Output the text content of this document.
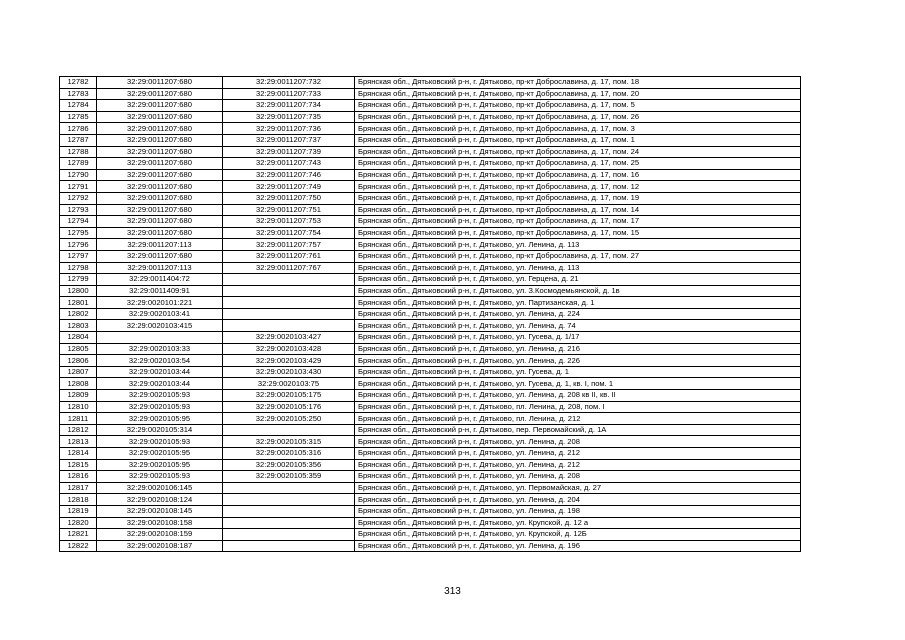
12782	32:29:0011207:680	32:29:0011207:732	Брянская обл., Дятьковский р-н, г. Дятьково, пр-кт Доброславина, д. 17, пом. 18
12783	32:29:0011207:680	32:29:0011207:733	Брянская обл., Дятьковский р-н, г. Дятьково, пр-кт Доброславина, д. 17, пом. 20
12784	32:29:0011207:680	32:29:0011207:734	Брянская обл., Дятьковский р-н, г. Дятьково, пр-кт Доброславина, д. 17, пом. 5
12785	32:29:0011207:680	32:29:0011207:735	Брянская обл., Дятьковский р-н, г. Дятьково, пр-кт Доброславина, д. 17, пом. 26
12786	32:29:0011207:680	32:29:0011207:736	Брянская обл., Дятьковский р-н, г. Дятьково, пр-кт Доброславина, д. 17, пом. 3
12787	32:29:0011207:680	32:29:0011207:737	Брянская обл., Дятьковский р-н, г. Дятьково, пр-кт Доброславина, д. 17, пом. 1
12788	32:29:0011207:680	32:29:0011207:739	Брянская обл., Дятьковский р-н, г. Дятьково, пр-кт Доброславина, д. 17, пом. 24
12789	32:29:0011207:680	32:29:0011207:743	Брянская обл., Дятьковский р-н, г. Дятьково, пр-кт Доброславина, д. 17, пом. 25
12790	32:29:0011207:680	32:29:0011207:746	Брянская обл., Дятьковский р-н, г. Дятьково, пр-кт Доброславина, д. 17, пом. 16
12791	32:29:0011207:680	32:29:0011207:749	Брянская обл., Дятьковский р-н, г. Дятьково, пр-кт Доброславина, д. 17, пом. 12
12792	32:29:0011207:680	32:29:0011207:750	Брянская обл., Дятьковский р-н, г. Дятьково, пр-кт Доброславина, д. 17, пом. 19
12793	32:29:0011207:680	32:29:0011207:751	Брянская обл., Дятьковский р-н, г. Дятьково, пр-кт Доброславина, д. 17, пом. 14
12794	32:29:0011207:680	32:29:0011207:753	Брянская обл., Дятьковский р-н, г. Дятьково, пр-кт Доброславина, д. 17, пом. 17
12795	32:29:0011207:680	32:29:0011207:754	Брянская обл., Дятьковский р-н, г. Дятьково, пр-кт Доброславина, д. 17, пом. 15
12796	32:29:0011207:113	32:29:0011207:757	Брянская обл., Дятьковский р-н, г. Дятьково, ул. Ленина, д. 113
12797	32:29:0011207:680	32:29:0011207:761	Брянская обл., Дятьковский р-н, г. Дятьково, пр-кт Доброславина, д. 17, пом. 27
12798	32:29:0011207:113	32:29:0011207:767	Брянская обл., Дятьковский р-н, г. Дятьково, ул. Ленина, д. 113
12799	32:29:0011404:72		Брянская обл., Дятьковский р-н, г. Дятьково, ул. Герцена, д. 21
12800	32:29:0011409:91		Брянская обл., Дятьковский р-н, г. Дятьково, ул. З.Космодемьянской, д. 1в
12801	32:29:0020101:221		Брянская обл., Дятьковский р-н, г. Дятьково, ул. Партизанская, д. 1
12802	32:29:0020103:41		Брянская обл., Дятьковский р-н, г. Дятьково, ул. Ленина, д. 224
12803	32:29:0020103:415		Брянская обл., Дятьковский р-н, г. Дятьково, ул. Ленина, д. 74
12804		32:29:0020103:427	Брянская обл., Дятьковский р-н, г. Дятьково, ул. Гусева, д. 1/17
12805	32:29:0020103:33	32:29:0020103:428	Брянская обл., Дятьковский р-н, г. Дятьково, ул. Ленина, д. 216
12806	32:29:0020103:54	32:29:0020103:429	Брянская обл., Дятьковский р-н, г. Дятьково, ул. Ленина, д. 226
12807	32:29:0020103:44	32:29:0020103:430	Брянская обл., Дятьковский р-н, г. Дятьково, ул. Гусева, д. 1
12808	32:29:0020103:44	32:29:0020103:75	Брянская обл., Дятьковский р-н, г. Дятьково, ул. Гусева, д. 1, кв. I, пом. 1
12809	32:29:0020105:93	32:29:0020105:175	Брянская обл., Дятьковский р-н, г. Дятьково, ул. Ленина, д. 208 кв II, кв. II
12810	32:29:0020105:93	32:29:0020105:176	Брянская обл., Дятьковский р-н, г. Дятьково, пл. Ленина, д. 208, пом. I
12811	32:29:0020105:95	32:29:0020105:250	Брянская обл., Дятьковский р-н, г. Дятьково, пл. Ленина, д. 212
12812	32:29:0020105:314		Брянская обл., Дятьковский р-н, г. Дятьково, пер. Первомайский, д. 1А
12813	32:29:0020105:93	32:29:0020105:315	Брянская обл., Дятьковский р-н, г. Дятьково, ул. Ленина, д. 208
12814	32:29:0020105:95	32:29:0020105:316	Брянская обл., Дятьковский р-н, г. Дятьково, ул. Ленина, д. 212
12815	32:29:0020105:95	32:29:0020105:356	Брянская обл., Дятьковский р-н, г. Дятьково, ул. Ленина, д. 212
12816	32:29:0020105:93	32:29:0020105:359	Брянская обл., Дятьковский р-н, г. Дятьково, ул. Ленина, д. 208
12817	32:29:0020106:145		Брянская обл., Дятьковский р-н, г. Дятьково, ул. Первомайская, д. 27
12818	32:29:0020108:124		Брянская обл., Дятьковский р-н, г. Дятьково, ул. Ленина, д. 204
12819	32:29:0020108:145		Брянская обл., Дятьковский р-н, г. Дятьково, ул. Ленина, д. 198
12820	32:29:0020108:158		Брянская обл., Дятьковский р-н, г. Дятьково, ул. Крупской, д. 12 а
12821	32:29:0020108:159		Брянская обл., Дятьковский р-н, г. Дятьково, ул. Крупской, д. 12Б
12822	32:29:0020108:187		Брянская обл., Дятьковский р-н, г. Дятьково, ул. Ленина, д. 196
313
